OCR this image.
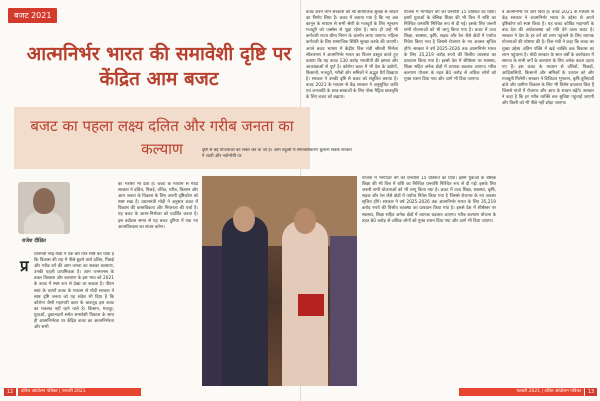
बजट 2021
आत्मनिर्भर भारत की समावेशी दृष्टि पर केंद्रित आम बजट
बजट का पहला लक्ष्य दलित और गरीब जनता का कल्याण
राजेश दीक्षित
प्र
धानमंत्री नरेंद्र मोदी ने एक बार फिर स्पष्ट कर दिया है कि विकास की राह में पीछे छूटने वाले दलित, पिछड़े और गरीब वर्ग की आम जनता का सबका कल्याण, उनकी पहली प्राथमिकता है। आम जनमानस के प्रबल विश्वास और कल्याण के इस भाव को 2021 के बजट में स्पष्ट रूप से देखा जा सकता है। पीएम स्वयं के चरणों बजट के माध्यम से मोदी सरकार ने स्पष्ट दृष्टि जनता को यह संदेश भी दिया है कि कोरोना जैसी महामारी काल के बावजूद इस बजट का मकसद नहीं रहने वाले है। किसान, मजदूर, युवाओं, दुकानदारों समेत समावेशी विकास के साथ ही आत्मनिर्भरता पर केंद्रित बजट का आत्मनिर्भरता और सभी
का भरोसा भी देता है। बजट के माध्यम से मोदी सरकार ने दलित, पिछड़े, वंचित, गरीब, किसान और आम जनता के विकास के लिए अपनी दृष्टिकोण को स्पष्ट रखा है। प्रधानमंत्री मोदी ने अनुसार बजट में विकास की वास्तविकता और निरंतरता की चर्चा है। यह बजट के आत्म-निर्भरता को प्रदर्शित करता है। इस बदौलत समय से यह बजट दुनिया में एक नए आत्मविश्वास का संचार करेगा।
दृष्टि से बड़े योजनाओं को लेकर कर के जो है। आम बहुत्वी में समावेशीकरण बुलाना सबके सरकार ने जाती और नवोन्मेषी पर
बजट करने जाने सरकारों को श्री सामाजिक सुरक्षा से जोड़ने का निर्णय लिया है। बजट में बताया गया है कि नए अब कानून के माध्यम से सभी श्रेणी के मजदूरों के लिए न्यूनतम मजदूरी को एक्सेस से जुड़ा रहेगा है। साथ ही उन्हें भी कर्मचारी राज्य बीमा निगम के अंतर्गत लाया जाएगा। महिला कर्मचारी के लिए सामाजिक स्थिति सुरक्षा करके की जाएगी। अपने बजट भाषण में केंद्रीय वित्त मंत्री श्रीमती निर्मला सीतारमण ने आत्मनिर्भर भारत का विजन प्रस्तुत करते हुए बताया कि यह बजट 130 करोड़ भारतीयों की क्षमता और आकांक्षाओं से पूर्ण है। कोरोना काल में भी देश के उद्योगों, किसानों, मजदूरों, गरीबों और श्रमिकों ने अद्भुत धैर्य दिखाया है। सरकार ने उनकी दृष्टि से बजट को संतुलित बनाया है। बजट 2021 के माध्यम से केंद्र सरकार ने अनुसूचित जाति एवं जनजाति के छात्र-छात्राओं के लिए पोस्ट मैट्रिक छात्रवृत्ति के लिए बजट को बढ़ाया।
योजना में भागीदार वर्ग को धनराशि 15 प्रतिशत का दिया। इसमें युवाओं के बेसिक शिक्षा की भी वित्त में राशि का निश्चित धनराशि निश्चित रूप से दी गई। इसके लिए जरूरी सभी योजनाओं को भी लागू किया गया है। बजट में उच्च शिक्षा, स्वास्थ्य, कृषि, सड़क और रेल जैसे क्षेत्रों में पर्याप्त निवेश किया गया है जिससे रोजगार के नए अवसर सृजित होंगे। सरकार ने वर्ष 2025-2026 तक आत्मनिर्भर भारत के लिए 35,219 करोड़ रुपये की वित्तीय व्यवस्था का प्रावधान किया गया है। इससे देश में शीर्षस्तर पर स्वास्थ्य, शिक्षा सहित अनेक क्षेत्रों में व्यापक बदलाव आएगा। गरीब कल्याण योजना के तहत 80 करोड़ से अधिक लोगों को मुफ्त राशन दिया गया और आगे भी दिया जाएगा।
वे आत्मनिर्भर पर ज़ोर दिया है। बजट 2021 के माध्यम से केंद्र सरकार ने आत्मनिर्भर भारत के उद्देश्य से अपने दृष्टिकोण को स्पष्ट किया है। यह बजट कोविड महामारी के बाद देश की अर्थव्यवस्था को गति देने वाला बजट है। सरकार ने देश के हर वर्ग को लाभ पहुंचाने के लिए व्यापक योजनाओं की घोषणा की है। वित्त मंत्री ने कहा कि बजट का मुख्य उद्देश्य अंतिम पंक्ति में खड़े व्यक्ति तक विकास का लाभ पहुंचाना है। मोदी सरकार के सात वर्षों के कार्यकाल में समाज के सभी वर्गों के कल्याण के लिए अनेक कदम उठाए गए हैं। इस बजट के माध्यम से दलितों, पिछड़ों, आदिवासियों, किसानों और श्रमिकों के उत्थान को और मजबूती मिलेगी। सरकार ने डिजिटल भुगतान, कृषि बुनियादी ढांचे और ग्रामीण विकास के लिए भी विशेष प्रावधान किए हैं जिससे गांवों में रोजगार और आय के साधन बढ़ेंगे। सरकार ने कहा है कि हर गरीब व्यक्ति तक सुविधा पहुंचाई जाएगी और किसी को भी पीछे नहीं छोड़ा जाएगा।
योजना में भागीदार वर्ग को धनराशि 15 प्रतिशत का दिया। इसमें युवाओं के बेसिक शिक्षा की भी वित्त में राशि का निश्चित धनराशि निश्चित रूप से दी गई। इसके लिए जरूरी सभी योजनाओं को भी लागू किया गया है। बजट में उच्च शिक्षा, स्वास्थ्य, कृषि, सड़क और रेल जैसे क्षेत्रों में पर्याप्त निवेश किया गया है जिससे रोजगार के नए अवसर सृजित होंगे। सरकार ने वर्ष 2025-2026 तक आत्मनिर्भर भारत के लिए 35,219 करोड़ रुपये की वित्तीय व्यवस्था का प्रावधान किया गया है। इससे देश में शीर्षस्तर पर स्वास्थ्य, शिक्षा सहित अनेक क्षेत्रों में व्यापक बदलाव आएगा। गरीब कल्याण योजना के तहत 80 करोड़ से अधिक लोगों को मुफ्त राशन दिया गया और आगे भी दिया जाएगा।
12	दलित आंदोलन पत्रिका | फरवरी 2021	फरवरी 2021 | दलित आंदोलन पत्रिका	13
